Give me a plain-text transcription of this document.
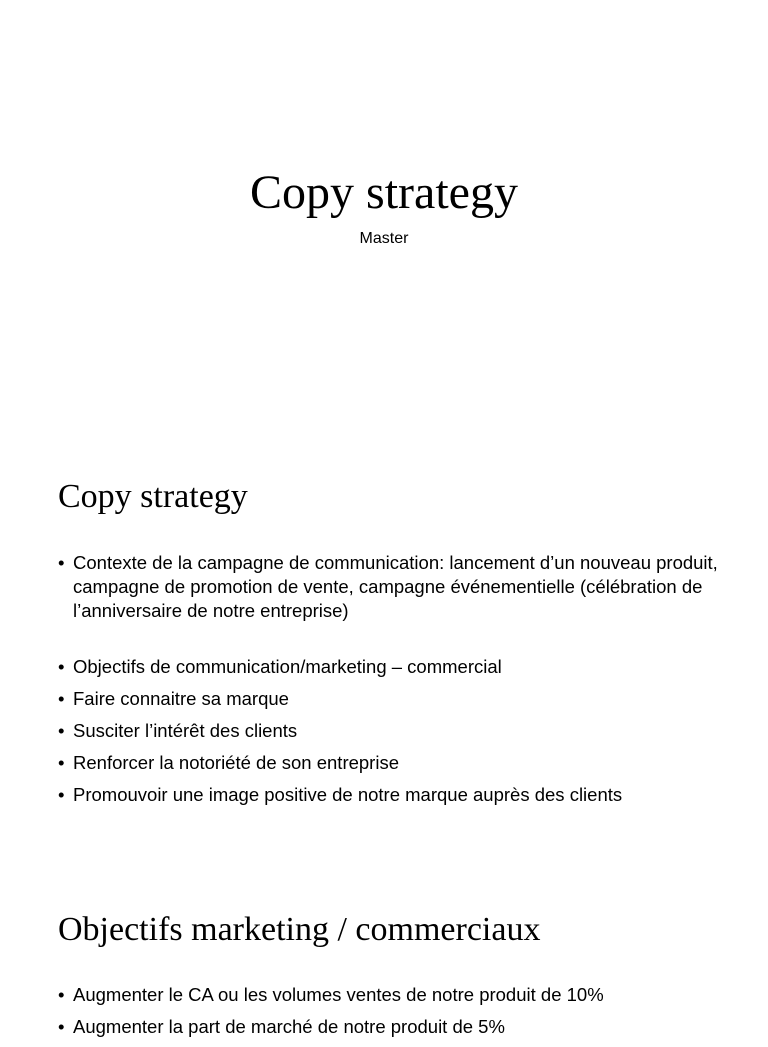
Copy strategy

Master

Copy strategy
• Contexte de la campagne de communication: lancement d’un nouveau produit, campagne de promotion de vente, campagne événementielle (célébration de l’anniversaire de notre entreprise)
• Objectifs de communication/marketing – commercial
• Faire connaitre sa marque
• Susciter l’intérêt des clients
• Renforcer la notoriété de son entreprise
• Promouvoir une image positive de notre marque auprès des clients
Objectifs marketing / commerciaux
• Augmenter le CA ou les volumes ventes de notre produit de 10%
• Augmenter la part de marché de notre produit de 5%
